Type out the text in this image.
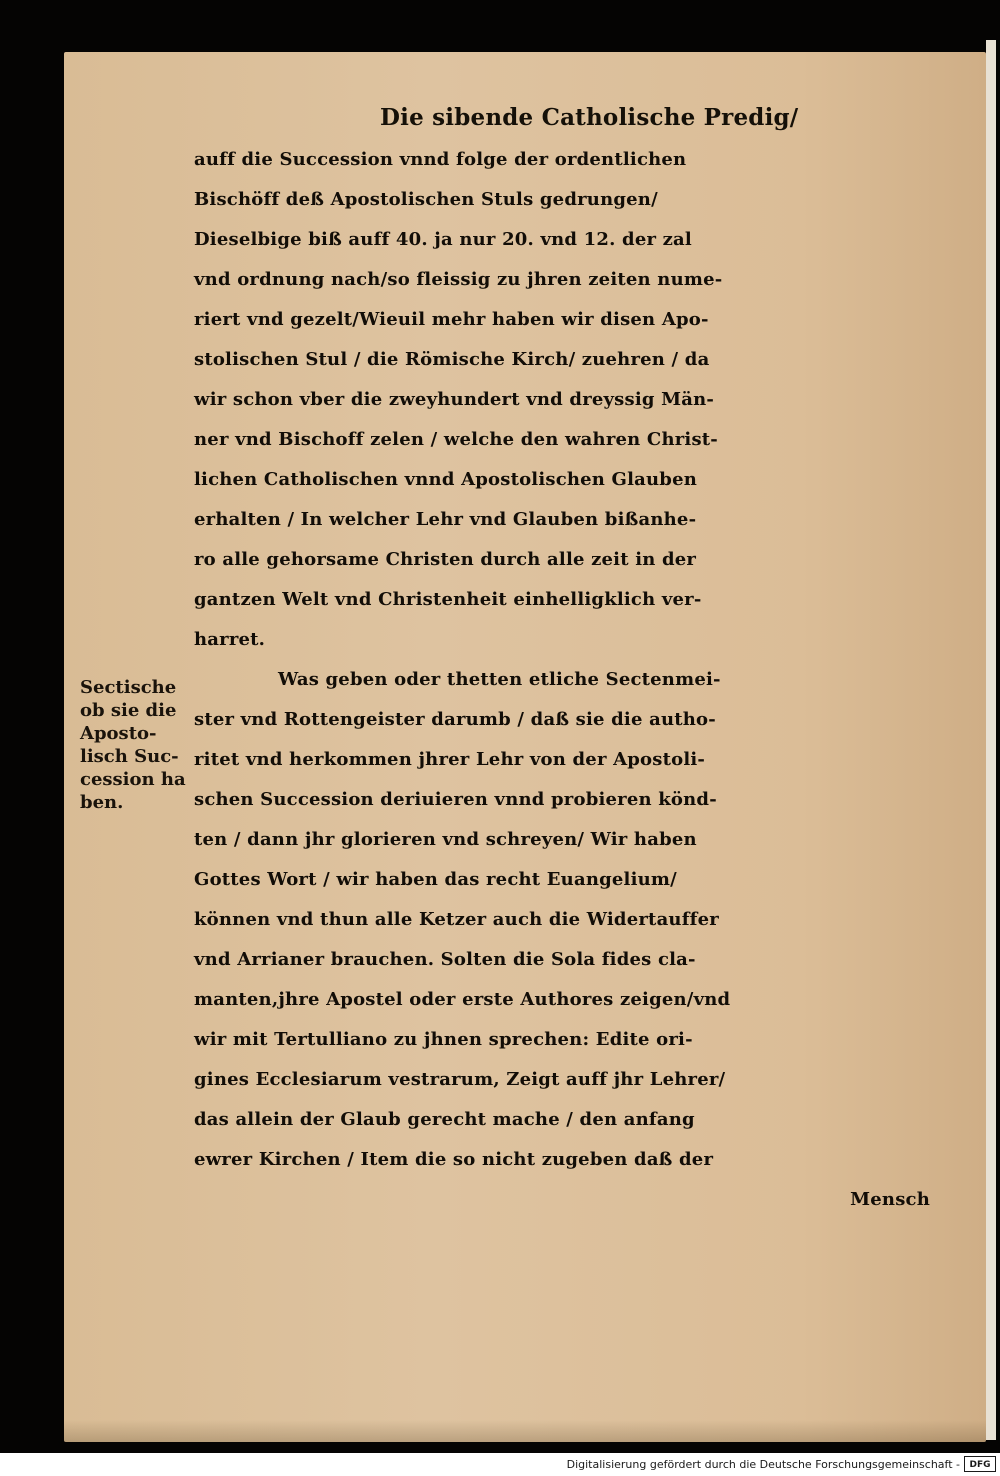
Die sibende Catholische Predig/
auff die Succession vnnd folge der ordentlichen
Bischöff deß Apostolischen Stuls gedrungen/
Dieselbige biß auff 40. ja nur 20. vnd 12. der zal
vnd ordnung nach/so fleissig zu jhren zeiten nume-
riert vnd gezelt/Wieuil mehr haben wir disen Apo-
stolischen Stul / die Römische Kirch/ zuehren / da
wir schon vber die zweyhundert vnd dreyssig Män-
ner vnd Bischoff zelen / welche den wahren Christ-
lichen Catholischen vnnd Apostolischen Glauben
erhalten / In welcher Lehr vnd Glauben bißanhe-
ro alle gehorsame Christen durch alle zeit in der
gantzen Welt vnd Christenheit einhelligklich ver-
harret.
Was geben oder thetten etliche Sectenmei-
ster vnd Rottengeister darumb / daß sie die autho-
ritet vnd herkommen jhrer Lehr von der Apostoli-
schen Succession deriuieren vnnd probieren könd-
ten / dann jhr glorieren vnd schreyen/ Wir haben
Gottes Wort / wir haben das recht Euangelium/
können vnd thun alle Ketzer auch die Widertauffer
vnd Arrianer brauchen. Solten die Sola fides cla-
manten,jhre Apostel oder erste Authores zeigen/vnd
wir mit Tertulliano zu jhnen sprechen: Edite ori-
gines Ecclesiarum vestrarum, Zeigt auff jhr Lehrer/
das allein der Glaub gerecht mache / den anfang
ewrer Kirchen / Item die so nicht zugeben daß der
Mensch
Sectische
ob sie die
Aposto-
lisch Suc-
cession ha
ben.
Digitalisierung gefördert durch die Deutsche Forschungsgemeinschaft -	DFG
